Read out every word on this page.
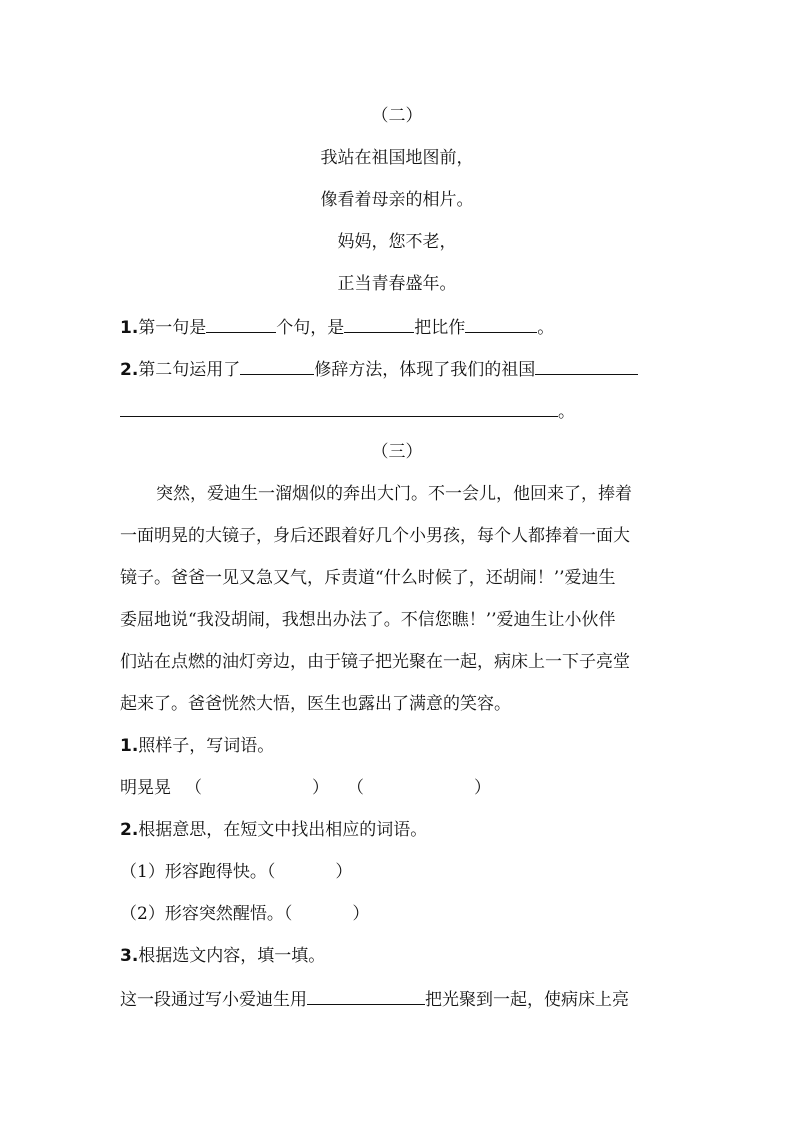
（二）
我站在祖国地图前，
像看着母亲的相片。
妈妈，您不老，
正当青春盛年。
1.第一句是	个句，是	把比作	。
2.第二句运用了	修辞方法，体现了我们的祖国
。
（三）
突然，爱迪生一溜烟似的奔出大门。不一会儿，他回来了，捧着
一面明晃的大镜子，身后还跟着好几个小男孩，每个人都捧着一面大
镜子。爸爸一见又急又气，斥责道“什么时候了，还胡闹！’’爱迪生
委屈地说“我没胡闹，我想出办法了。不信您瞧！’’爱迪生让小伙伴
们站在点燃的油灯旁边，由于镜子把光聚在一起，病床上一下子亮堂
起来了。爸爸恍然大悟，医生也露出了满意的笑容。
1.照样子，写词语。
明晃晃 （	） （	）
2.根据意思，在短文中找出相应的词语。
（1）形容跑得快。（	）
（2）形容突然醒悟。（	）
3.根据选文内容，填一填。
这一段通过写小爱迪生用	把光聚到一起，使病床上亮
